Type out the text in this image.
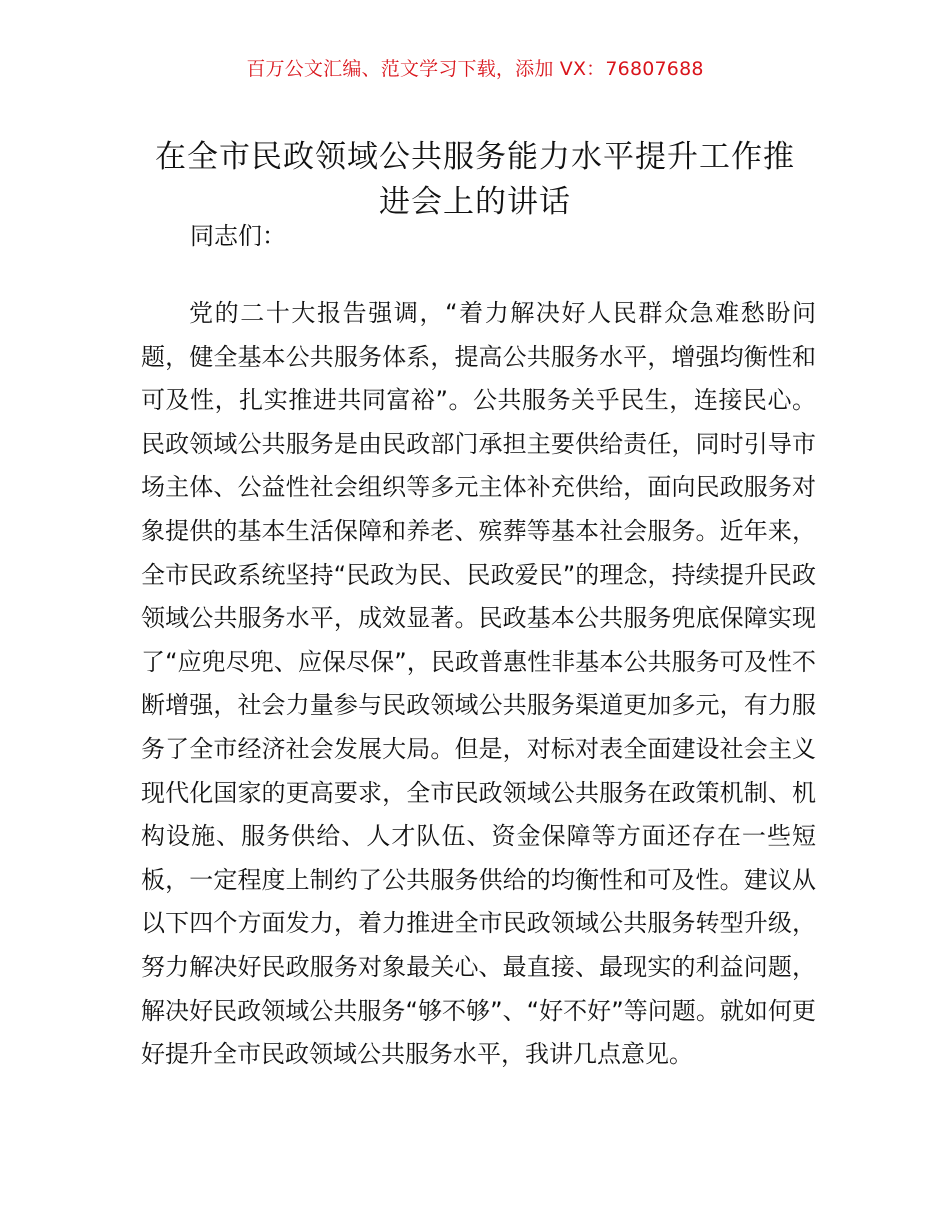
百万公文汇编、范文学习下载，添加 VX：76807688
在全市民政领域公共服务能力水平提升工作推
进会上的讲话
同志们：

党的二十大报告强调，“着力解决好人民群众急难愁盼问题，健全基本公共服务体系，提高公共服务水平，增强均衡性和可及性，扎实推进共同富裕”。公共服务关乎民生，连接民心。民政领域公共服务是由民政部门承担主要供给责任，同时引导市场主体、公益性社会组织等多元主体补充供给，面向民政服务对象提供的基本生活保障和养老、殡葬等基本社会服务。近年来，全市民政系统坚持“民政为民、民政爱民”的理念，持续提升民政领域公共服务水平，成效显著。民政基本公共服务兜底保障实现了“应兜尽兜、应保尽保”，民政普惠性非基本公共服务可及性不断增强，社会力量参与民政领域公共服务渠道更加多元，有力服务了全市经济社会发展大局。但是，对标对表全面建设社会主义现代化国家的更高要求，全市民政领域公共服务在政策机制、机构设施、服务供给、人才队伍、资金保障等方面还存在一些短板，一定程度上制约了公共服务供给的均衡性和可及性。建议从以下四个方面发力，着力推进全市民政领域公共服务转型升级，努力解决好民政服务对象最关心、最直接、最现实的利益问题，解决好民政领域公共服务“够不够”、“好不好”等问题。就如何更好提升全市民政领域公共服务水平，我讲几点意见。
